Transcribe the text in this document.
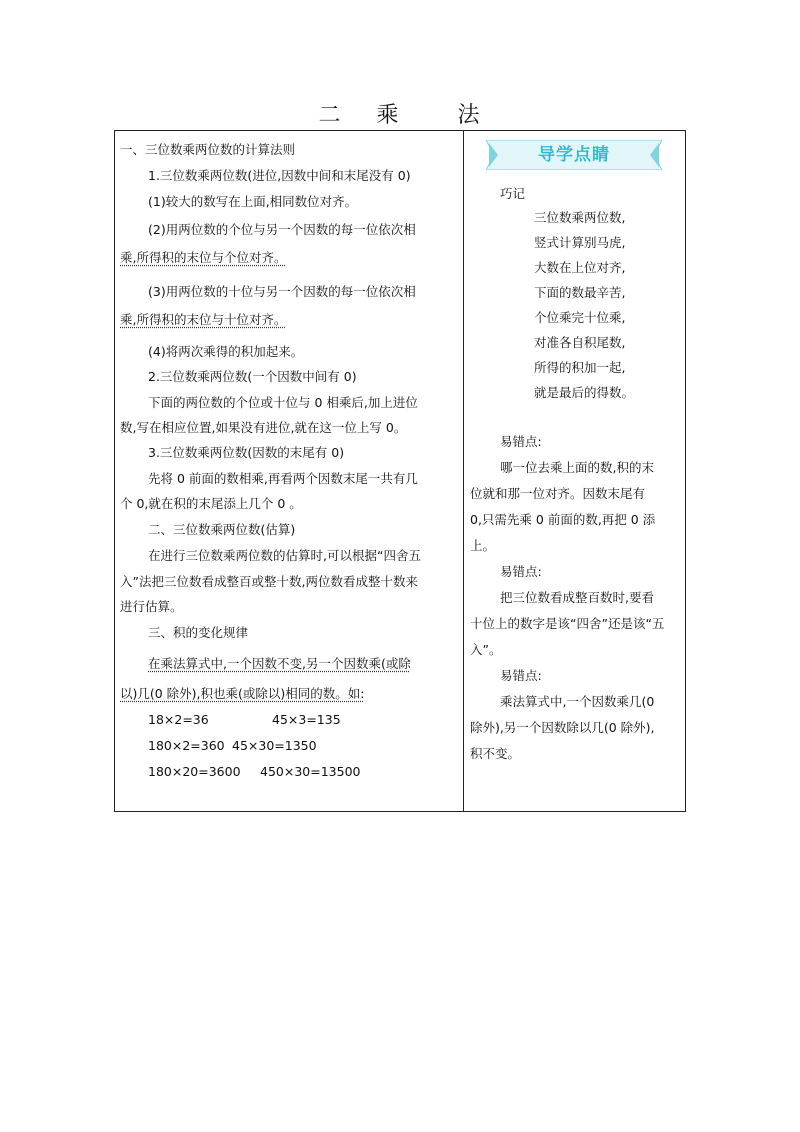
二 乘	法
一、三位数乘两位数的计算法则
1.三位数乘两位数(进位,因数中间和末尾没有 0)
(1)较大的数写在上面,相同数位对齐。
(2)用两位数的个位与另一个因数的每一位依次相
乘,所得积的末位与个位对齐。
(3)用两位数的十位与另一个因数的每一位依次相
乘,所得积的末位与十位对齐。
(4)将两次乘得的积加起来。
2.三位数乘两位数(一个因数中间有 0)
下面的两位数的个位或十位与 0 相乘后,加上进位
数,写在相应位置,如果没有进位,就在这一位上写 0。
3.三位数乘两位数(因数的末尾有 0)
先将 0 前面的数相乘,再看两个因数末尾一共有几
个 0,就在积的末尾添上几个 0 。
二、三位数乘两位数(估算)
在进行三位数乘两位数的估算时,可以根据“四舍五
入”法把三位数看成整百或整十数,两位数看成整十数来
进行估算。
三、积的变化规律
在乘法算式中,一个因数不变,另一个因数乘(或除
以)几(0 除外),积也乘(或除以)相同的数。如:
18×2=36	45×3=135
180×2=360 45×30=1350
180×20=3600 450×30=13500
导学点睛
巧记
三位数乘两位数,
竖式计算别马虎,
大数在上位对齐,
下面的数最辛苦,
个位乘完十位乘,
对准各自积尾数,
所得的积加一起,
就是最后的得数。
易错点:
哪一位去乘上面的数,积的末
位就和那一位对齐。因数末尾有
0,只需先乘 0 前面的数,再把 0 添
上。
易错点:
把三位数看成整百数时,要看
十位上的数字是该“四舍”还是该“五
入”。
易错点:
乘法算式中,一个因数乘几(0
除外),另一个因数除以几(0 除外),
积不变。
